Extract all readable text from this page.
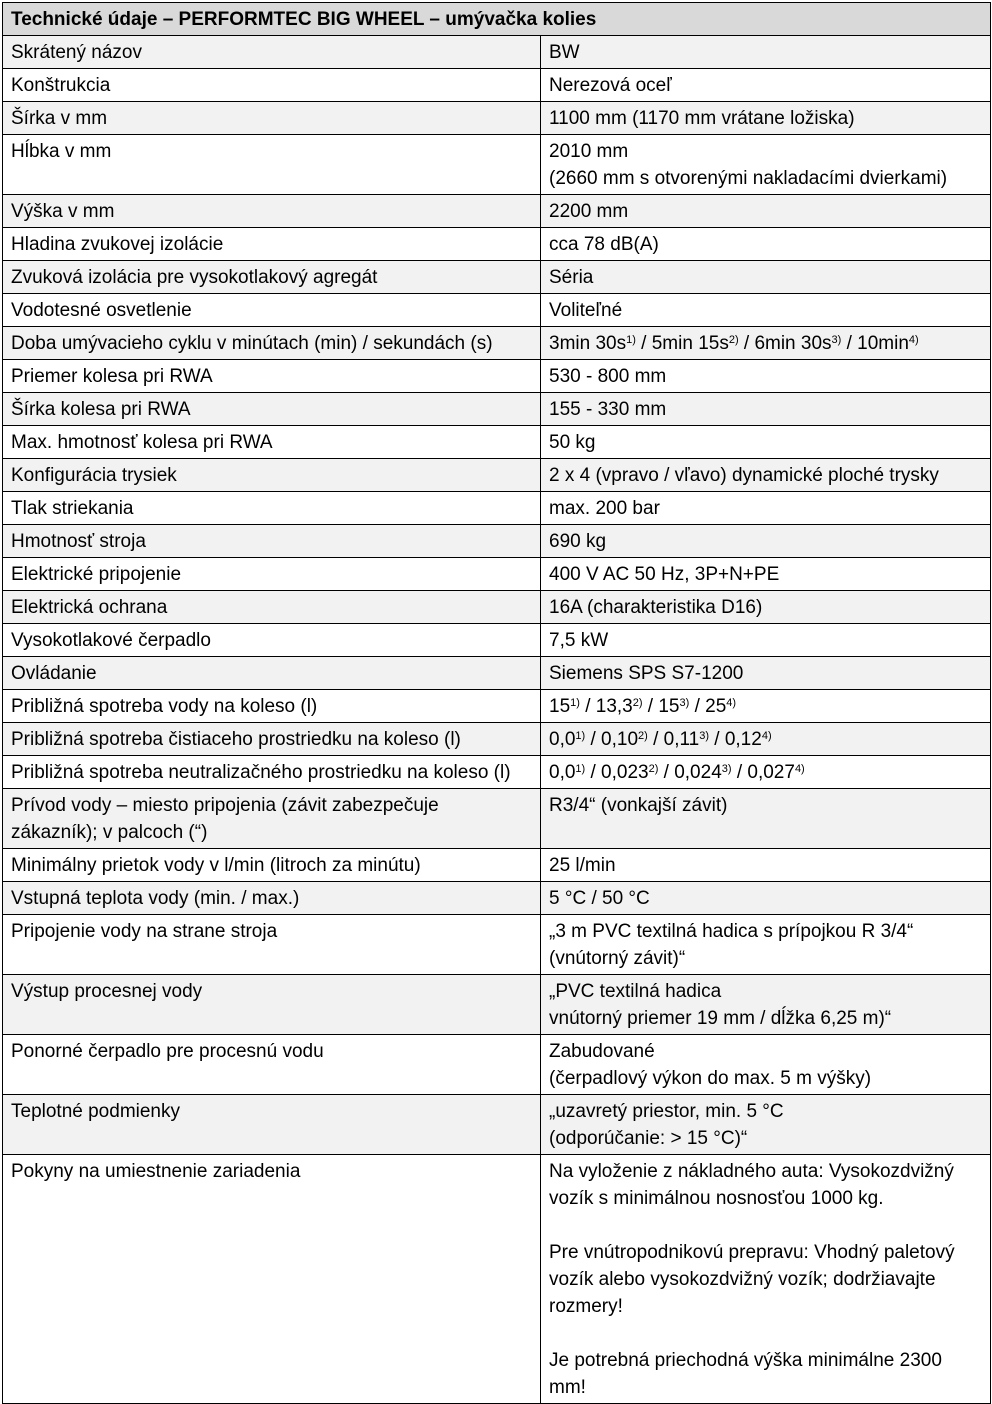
Technické údaje – PERFORMTEC BIG WHEEL – umývačka kolies	
Skrátený názov	BW
Konštrukcia	Nerezová oceľ
Šírka v mm	1100 mm (1170 mm vrátane ložiska)
Hĺbka v mm	2010 mm
(2660 mm s otvorenými nakladacími dvierkami)
Výška v mm	2200 mm
Hladina zvukovej izolácie	cca 78 dB(A)
Zvuková izolácia pre vysokotlakový agregát	Séria
Vodotesné osvetlenie	Voliteľné
Doba umývacieho cyklu v minútach (min) / sekundách (s)	3min $30s^{1)} / 5\min$ $15s^{2)} / 6\min$ $30s^{3)} / 10\min^{4)}$
Priemer kolesa pri RWA	530 - 800 mm
Šírka kolesa pri RWA	155 - 330 mm
Max. hmotnosť kolesa pri RWA	50 kg
Konfigurácia trysiek	2 x 4 (vpravo / vľavo) dynamické ploché trysky
Tlak striekania	max. 200 bar
Hmotnosť stroja	690 kg
Elektrické pripojenie	400 V AC 50 Hz, 3P+N+PE
Elektrická ochrana	16A (charakteristika D16)
Vysokotlakové čerpadlo	7,5 kW
Ovládanie	Siemens SPS S7-1200
Približná spotreba vody na koleso (l)	15$^{1)}$ / 13,3$^{2)}$ / 15$^{3)}$ / 25$^{4)}$
Približná spotreba čistiaceho prostriedku na koleso (l)	0,0$^{1)}$ / 0,10$^{2)}$ / 0,11$^{3)}$ / 0,12$^{4)}$
Približná spotreba neutralizačného prostriedku na koleso (l)	0,0$^{1)}$ / 0,023$^{2)}$ / 0,024$^{3)}$ / 0,027$^{4)}$
Prívod vody – miesto pripojenia (závit zabezpečuje
zákazník); v palcoch (“)	R3/4“ (vonkajší závit)
Minimálny prietok vody v l/min (litroch za minútu)	25 l/min
Vstupná teplota vody (min. / max.)	5 °C / 50 °C
Pripojenie vody na strane stroja	„3 m PVC textilná hadica s prípojkou R 3/4“
(vnútorný závit)“
Výstup procesnej vody	„PVC textilná hadica
vnútorný priemer 19 mm / dĺžka 6,25 m)“
Ponorné čerpadlo pre procesnú vodu	Zabudované
(čerpadlový výkon do max. 5 m výšky)
Teplotné podmienky	„uzavretý priestor, min. 5 °C
(odporúčanie: > 15 °C)“
Pokyny na umiestnenie zariadenia	Na vyloženie z nákladného auta: Vysokozdvižný vozík s minimálnou nosnosťou 1000 kg.

Pre vnútropodnikovú prepravu: Vhodný paletový vozík alebo vysokozdvižný vozík; dodržiavajte rozmery!

Je potrebná priechodná výška minimálne 2300 mm!
